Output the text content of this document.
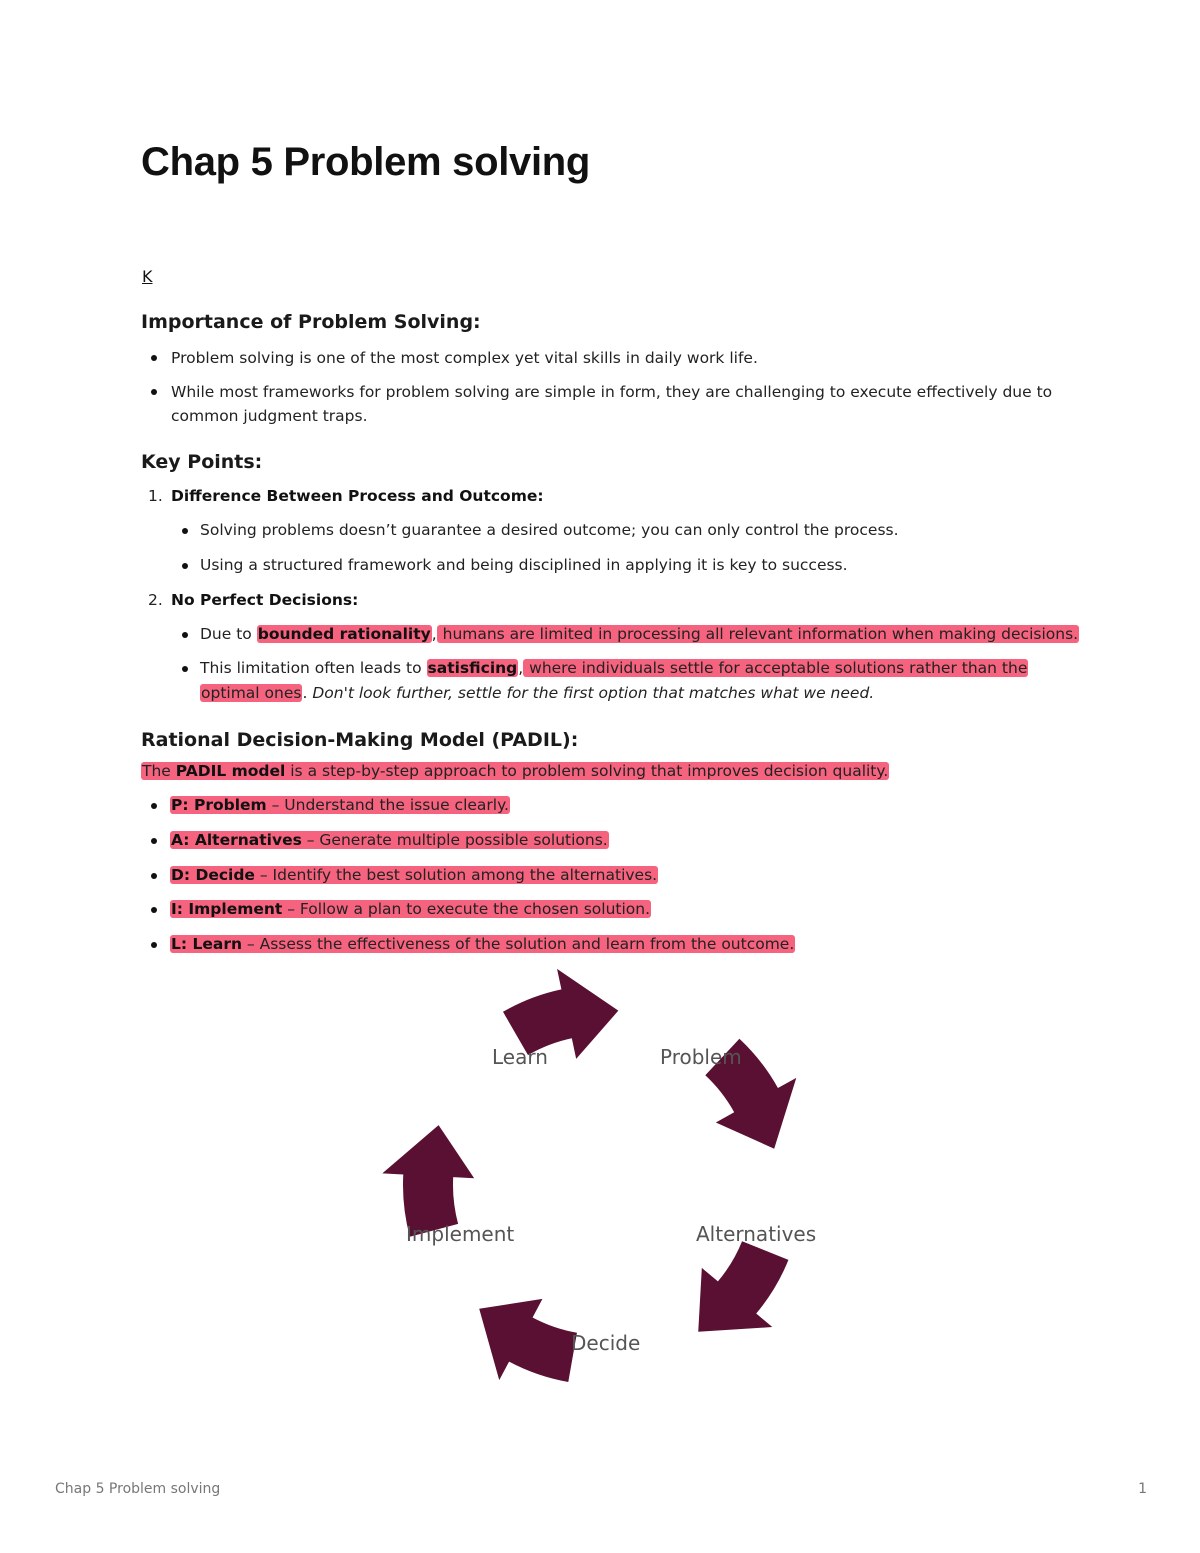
Chap 5 Problem solving
K
Importance of Problem Solving:
Problem solving is one of the most complex yet vital skills in daily work life.
While most frameworks for problem solving are simple in form, they are challenging to execute effectively due to
common judgment traps.
Key Points:
1. Difference Between Process and Outcome:
Solving problems doesn’t guarantee a desired outcome; you can only control the process.
Using a structured framework and being disciplined in applying it is key to success.
2. No Perfect Decisions:
Due to bounded rationality, humans are limited in processing all relevant information when making decisions.
This limitation often leads to satisficing, where individuals settle for acceptable solutions rather than the
optimal ones. Don't look further, settle for the first option that matches what we need.
Rational Decision-Making Model (PADIL):
The PADIL model is a step-by-step approach to problem solving that improves decision quality.
P: Problem – Understand the issue clearly.
A: Alternatives – Generate multiple possible solutions.
D: Decide – Identify the best solution among the alternatives.
I: Implement – Follow a plan to execute the chosen solution.
L: Learn – Assess the effectiveness of the solution and learn from the outcome.
Problem
Alternatives
Decide
Implement
Learn
Chap 5 Problem solving	1
